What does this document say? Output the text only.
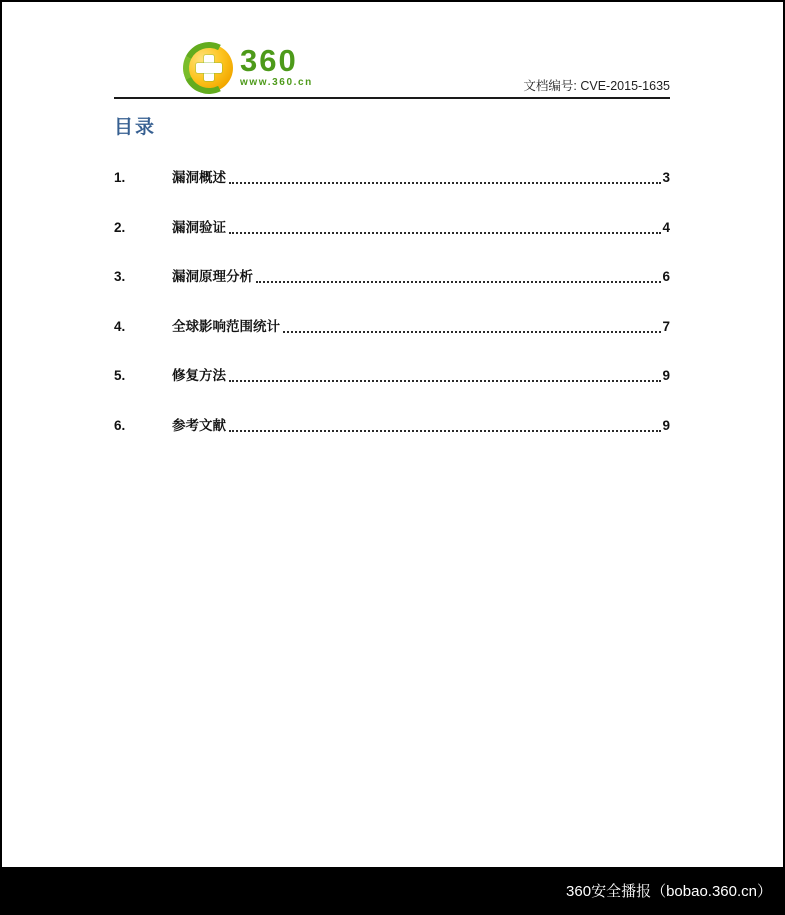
360
www.360.cn	文档编号: CVE-2015-1635
目录
1.	漏洞概述	3
2.	漏洞验证	4
3.	漏洞原理分析	6
4.	全球影响范围统计	7
5.	修复方法	9
6.	参考文献	9
360安全播报（bobao.360.cn）
